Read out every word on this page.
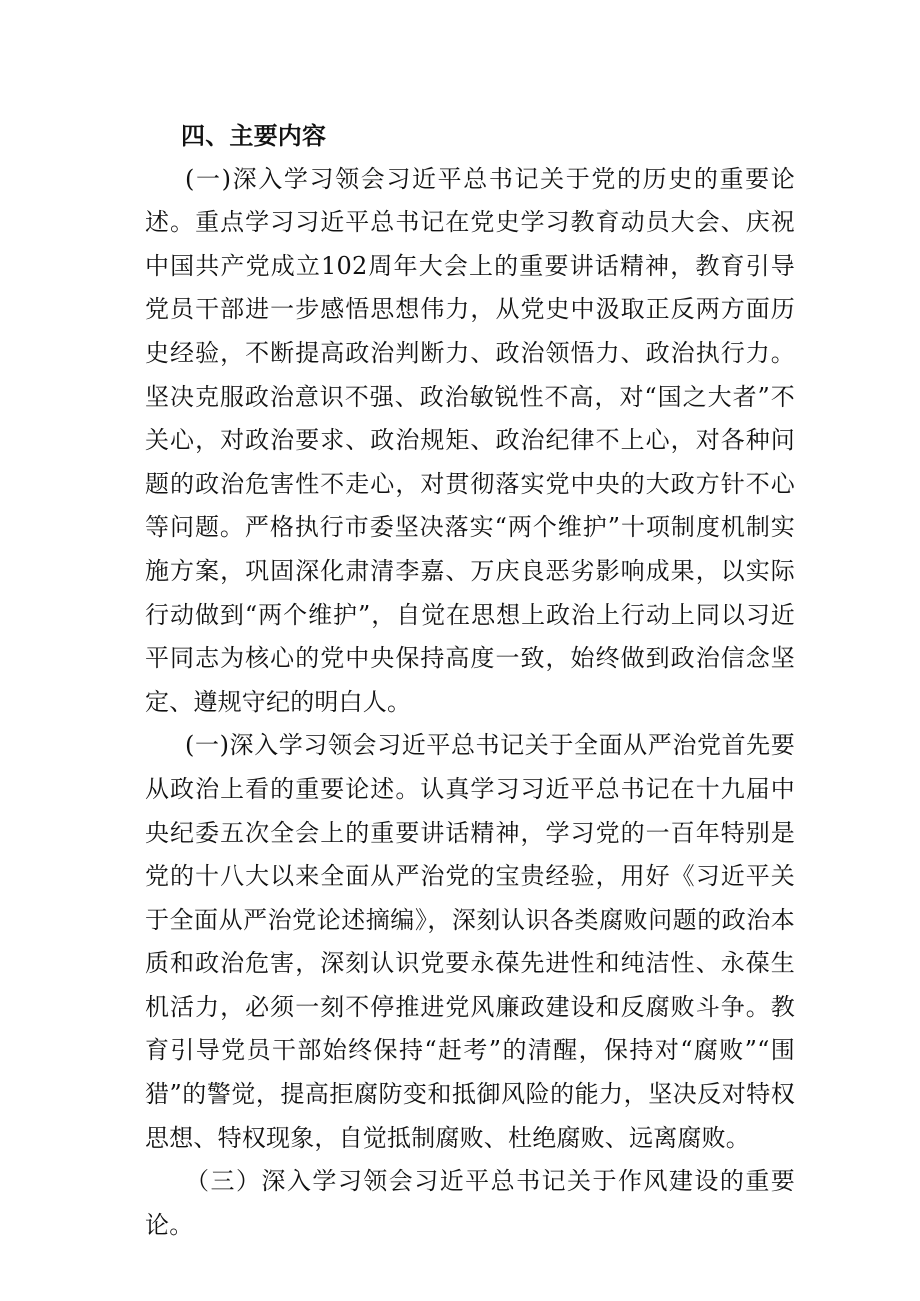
四、主要内容

(一)深入学习领会习近平总书记关于党的历史的重要论述。重点学习习近平总书记在党史学习教育动员大会、庆祝中国共产党成立102周年大会上的重要讲话精神，教育引导党员干部进一步感悟思想伟力，从党史中汲取正反两方面历史经验，不断提高政治判断力、政治领悟力、政治执行力。坚决克服政治意识不强、政治敏锐性不高，对“国之大者”不关心，对政治要求、政治规矩、政治纪律不上心，对各种问题的政治危害性不走心，对贯彻落实党中央的大政方针不心等问题。严格执行市委坚决落实“两个维护”十项制度机制实施方案，巩固深化肃清李嘉、万庆良恶劣影响成果，以实际行动做到“两个维护”，自觉在思想上政治上行动上同以习近平同志为核心的党中央保持高度一致，始终做到政治信念坚定、遵规守纪的明白人。

(一)深入学习领会习近平总书记关于全面从严治党首先要从政治上看的重要论述。认真学习习近平总书记在十九届中央纪委五次全会上的重要讲话精神，学习党的一百年特别是党的十八大以来全面从严治党的宝贵经验，用好《习近平关于全面从严治党论述摘编》，深刻认识各类腐败问题的政治本质和政治危害，深刻认识党要永葆先进性和纯洁性、永葆生机活力，必须一刻不停推进党风廉政建设和反腐败斗争。教育引导党员干部始终保持“赶考”的清醒，保持对“腐败”“围猎”的警觉，提高拒腐防变和抵御风险的能力，坚决反对特权思想、特权现象，自觉抵制腐败、杜绝腐败、远离腐败。

（三）深入学习领会习近平总书记关于作风建设的重要论。
